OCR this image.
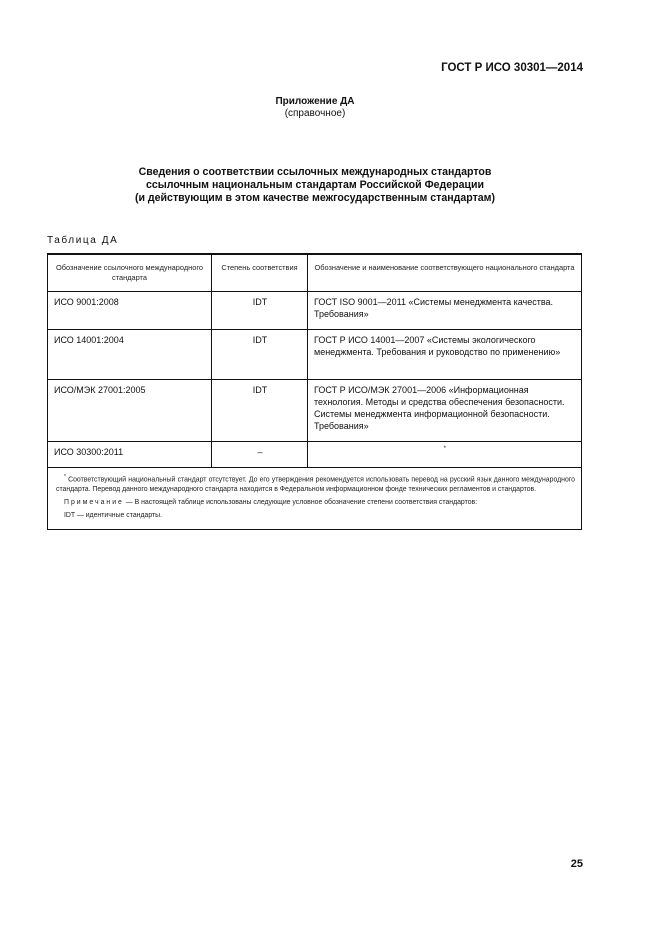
ГОСТ Р ИСО 30301—2014
Приложение ДА
(справочное)
Сведения о соответствии ссылочных международных стандартов
ссылочным национальным стандартам Российской Федерации
(и действующим в этом качестве межгосударственным стандартам)
Таблица ДА
Обозначение ссылочного международного стандарта	Степень соответствия	Обозначение и наименование соответствующего национального стандарта
ИСО 9001:2008	IDT	ГОСТ ISO 9001—2011 «Системы менеджмента качества. Требования»
ИСО 14001:2004	IDT	ГОСТ Р ИСО 14001—2007 «Системы экологического менеджмента. Требования и руководство по применению»
ИСО/МЭК 27001:2005	IDT	ГОСТ Р ИСО/МЭК 27001—2006 «Информационная технология. Методы и средства обеспечения безопасности. Системы менеджмента информационной безопасности. Требования»
ИСО 30300:2011	–	*

* Соответствующий национальный стандарт отсутствует. До его утверждения рекомендуется использовать перевод на русский язык данного международного стандарта. Перевод данного международного стандарта находится в Федеральном информационном фонде технических регламентов и стандартов.

Примечание — В настоящей таблице использованы следующие условное обозначение степени соответствия стандартов:

IDT — идентичные стандарты.		

25
